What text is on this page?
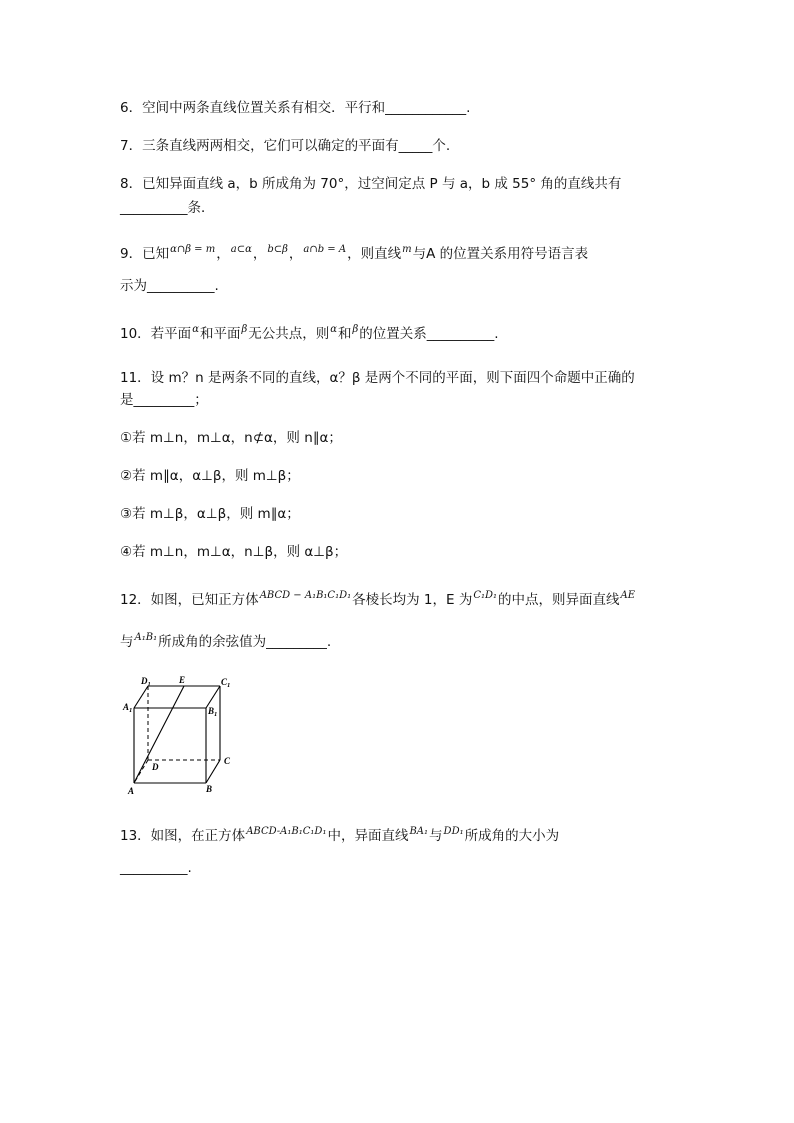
6．空间中两条直线位置关系有相交．平行和____________.
7．三条直线两两相交，它们可以确定的平面有_____个.
8．已知异面直线 a，b 所成角为 70°，过空间定点 P 与 a，b 成 55° 角的直线共有
__________条．
9．已知$^{\alpha\cap\beta = m}$，$^{a\subset\alpha}$，$^{b\subset\beta}$，$^{a\cap b = A}$，则直线$^m$与A 的位置关系用符号语言表
示为__________.
10．若平面$^\alpha$和平面$^\beta$无公共点，则$^\alpha$和$^\beta$的位置关系__________.
11．设 m？n 是两条不同的直线，α？β 是两个不同的平面，则下面四个命题中正确的
是_________；
①若 m⊥n，m⊥α，n⊄α，则 n∥α；
②若 m∥α，α⊥β，则 m⊥β；
③若 m⊥β，α⊥β，则 m∥α；
④若 m⊥n，m⊥α，n⊥β，则 α⊥β；
12．如图，已知正方体$^{ABCD - A_1B_1C_1D_1}$各棱长均为 1，E 为$^{C_1D_1}$的中点，则异面直线$^{AE}$
与$^{A_1B_1}$所成角的余弦值为_________.
$D_1$	E	$C_1$
$A_1$	$B_1$
D
C
A	B
13．如图，在正方体$^{ABCD-A_1B_1C_1D_1}$中，异面直线$^{BA_1}$与$^{DD_1}$所成角的大小为
__________.
